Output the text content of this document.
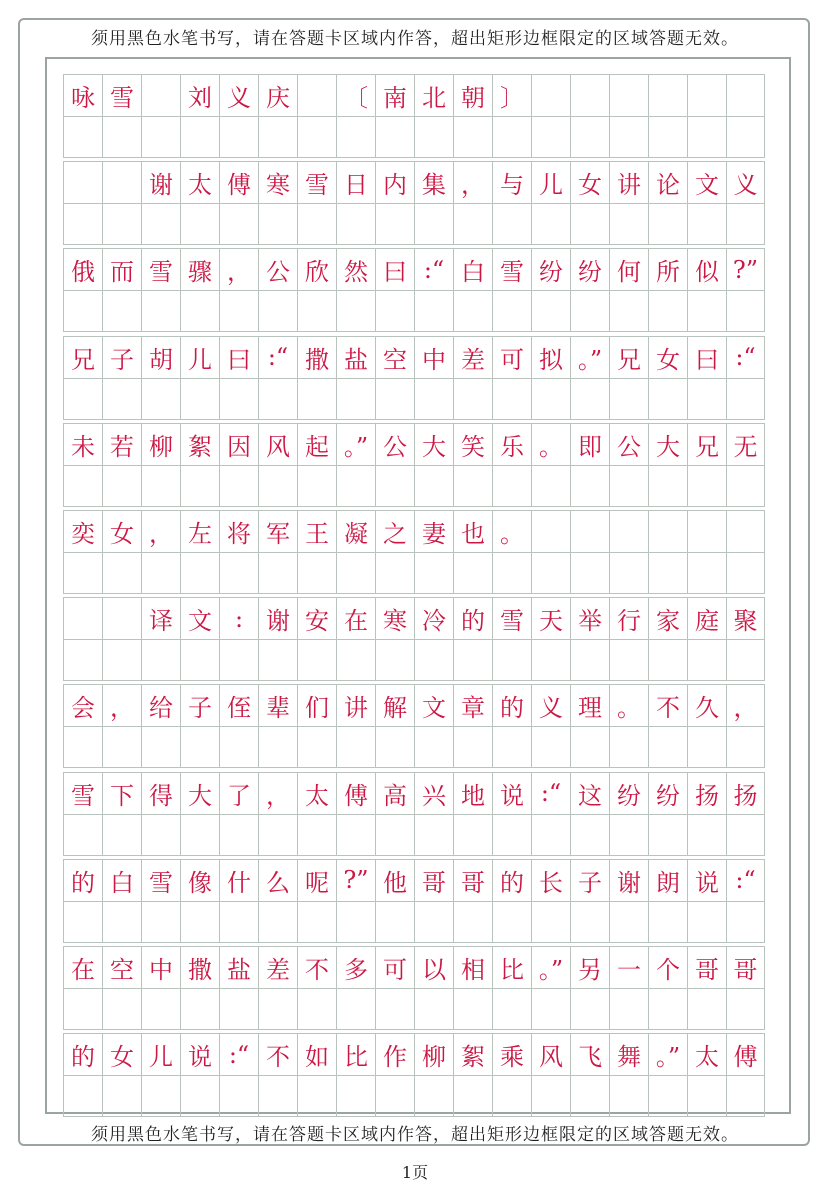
须用黑色水笔书写，请在答题卡区域内作答，超出矩形边框限定的区域答题无效。
咏 雪	刘 义 庆	〔 南 北 朝 〕
谢 太 傅 寒 雪 日 内 集 ， 与 儿 女 讲 论 文 义
俄 而 雪 骤 ， 公 欣 然 曰 :“ 白 雪 纷 纷 何 所 似 ?”
兄 子 胡 儿 曰 :“ 撒 盐 空 中 差 可 拟 。” 兄 女 曰 :“
未 若 柳 絮 因 风 起 。” 公 大 笑 乐 。 即 公 大 兄 无
奕 女 ， 左 将 军 王 凝 之 妻 也 。
译 文 : 谢 安 在 寒 冷 的 雪 天 举 行 家 庭 聚
会 ， 给 子 侄 辈 们 讲 解 文 章 的 义 理 。 不 久 ，
雪 下 得 大 了 ， 太 傅 高 兴 地 说 :“ 这 纷 纷 扬 扬
的 白 雪 像 什 么 呢 ?” 他 哥 哥 的 长 子 谢 朗 说 :“
在 空 中 撒 盐 差 不 多 可 以 相 比 。” 另 一 个 哥 哥
的 女 儿 说 :“ 不 如 比 作 柳 絮 乘 风 飞 舞 。” 太 傅
须用黑色水笔书写，请在答题卡区域内作答，超出矩形边框限定的区域答题无效。
1页
